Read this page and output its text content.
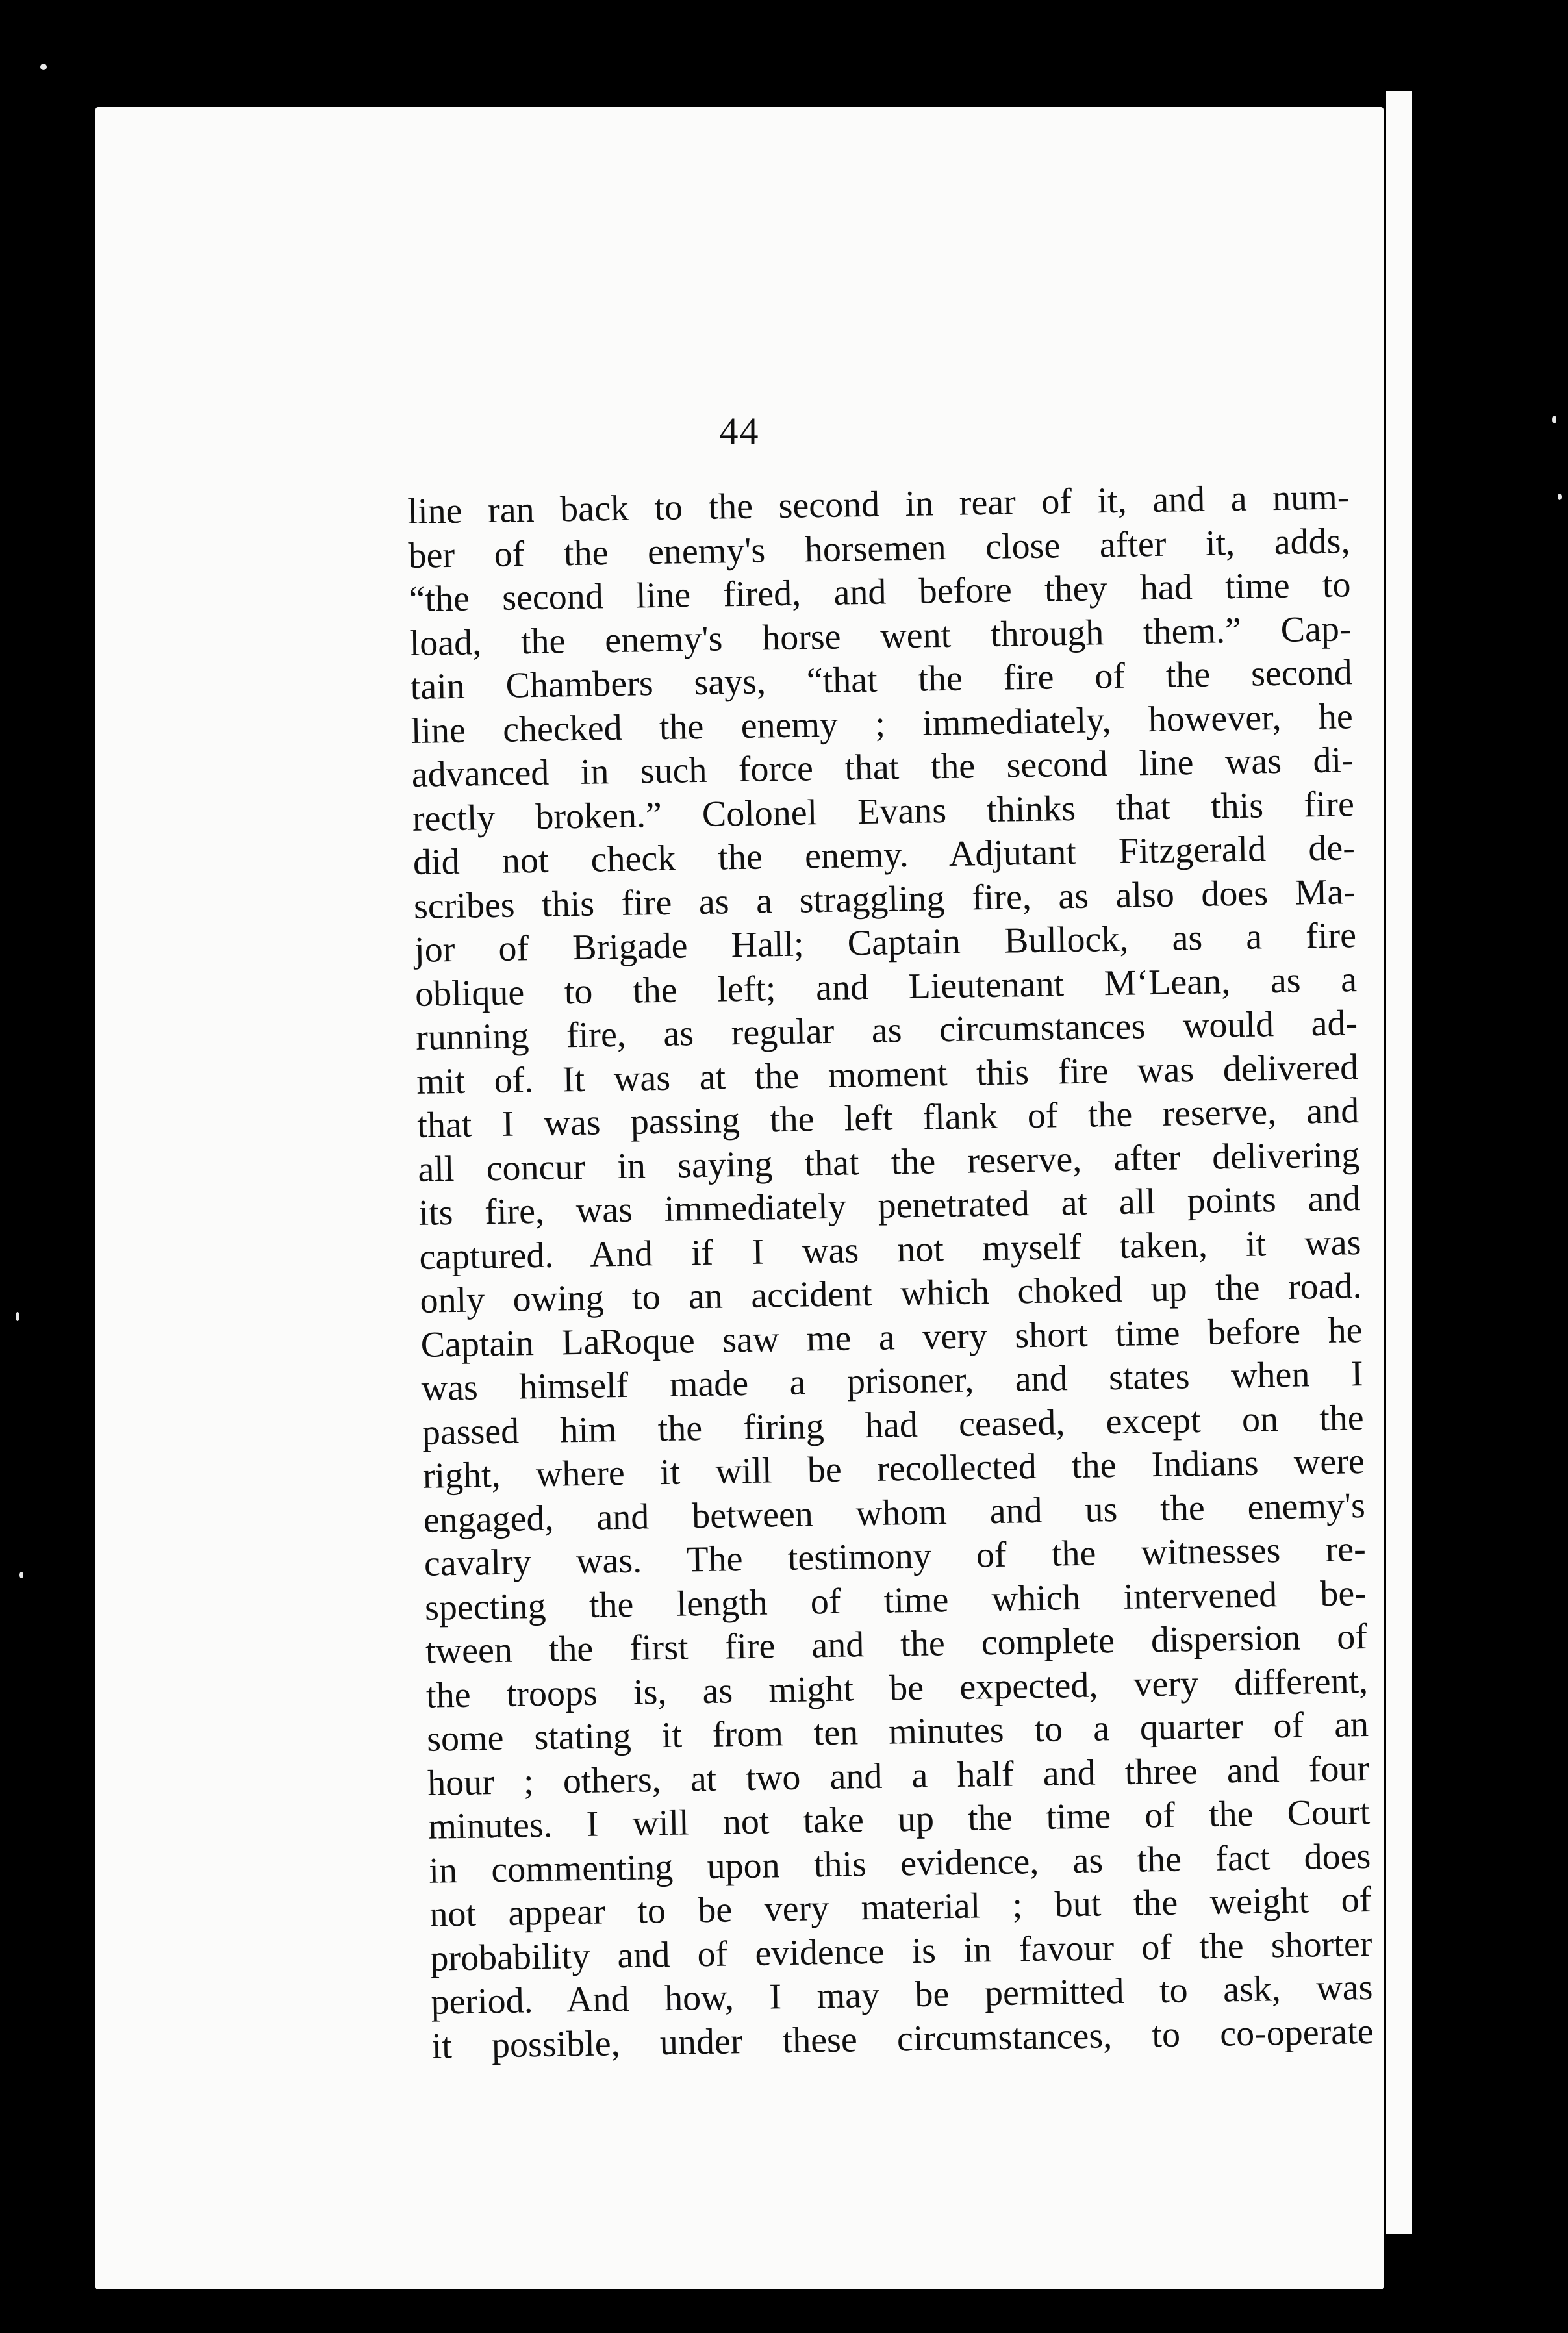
44
line ran back to the second in rear of it, and a num-
ber of the enemy's horsemen close after it, adds,
“the second line fired, and before they had time to
load, the enemy's horse went through them.” Cap-
tain Chambers says, “that the fire of the second
line checked the enemy ; immediately, however, he
advanced in such force that the second line was di-
rectly broken.” Colonel Evans thinks that this fire
did not check the enemy. Adjutant Fitzgerald de-
scribes this fire as a straggling fire, as also does Ma-
jor of Brigade Hall; Captain Bullock, as a fire
oblique to the left; and Lieutenant M‘Lean, as a
running fire, as regular as circumstances would ad-
mit of. It was at the moment this fire was delivered
that I was passing the left flank of the reserve, and
all concur in saying that the reserve, after delivering
its fire, was immediately penetrated at all points and
captured. And if I was not myself taken, it was
only owing to an accident which choked up the road.
Captain LaRoque saw me a very short time before he
was himself made a prisoner, and states when I
passed him the firing had ceased, except on the
right, where it will be recollected the Indians were
engaged, and between whom and us the enemy's
cavalry was. The testimony of the witnesses re-
specting the length of time which intervened be-
tween the first fire and the complete dispersion of
the troops is, as might be expected, very different,
some stating it from ten minutes to a quarter of an
hour ; others, at two and a half and three and four
minutes. I will not take up the time of the Court
in commenting upon this evidence, as the fact does
not appear to be very material ; but the weight of
probability and of evidence is in favour of the shorter
period. And how, I may be permitted to ask, was
it possible, under these circumstances, to co-operate
